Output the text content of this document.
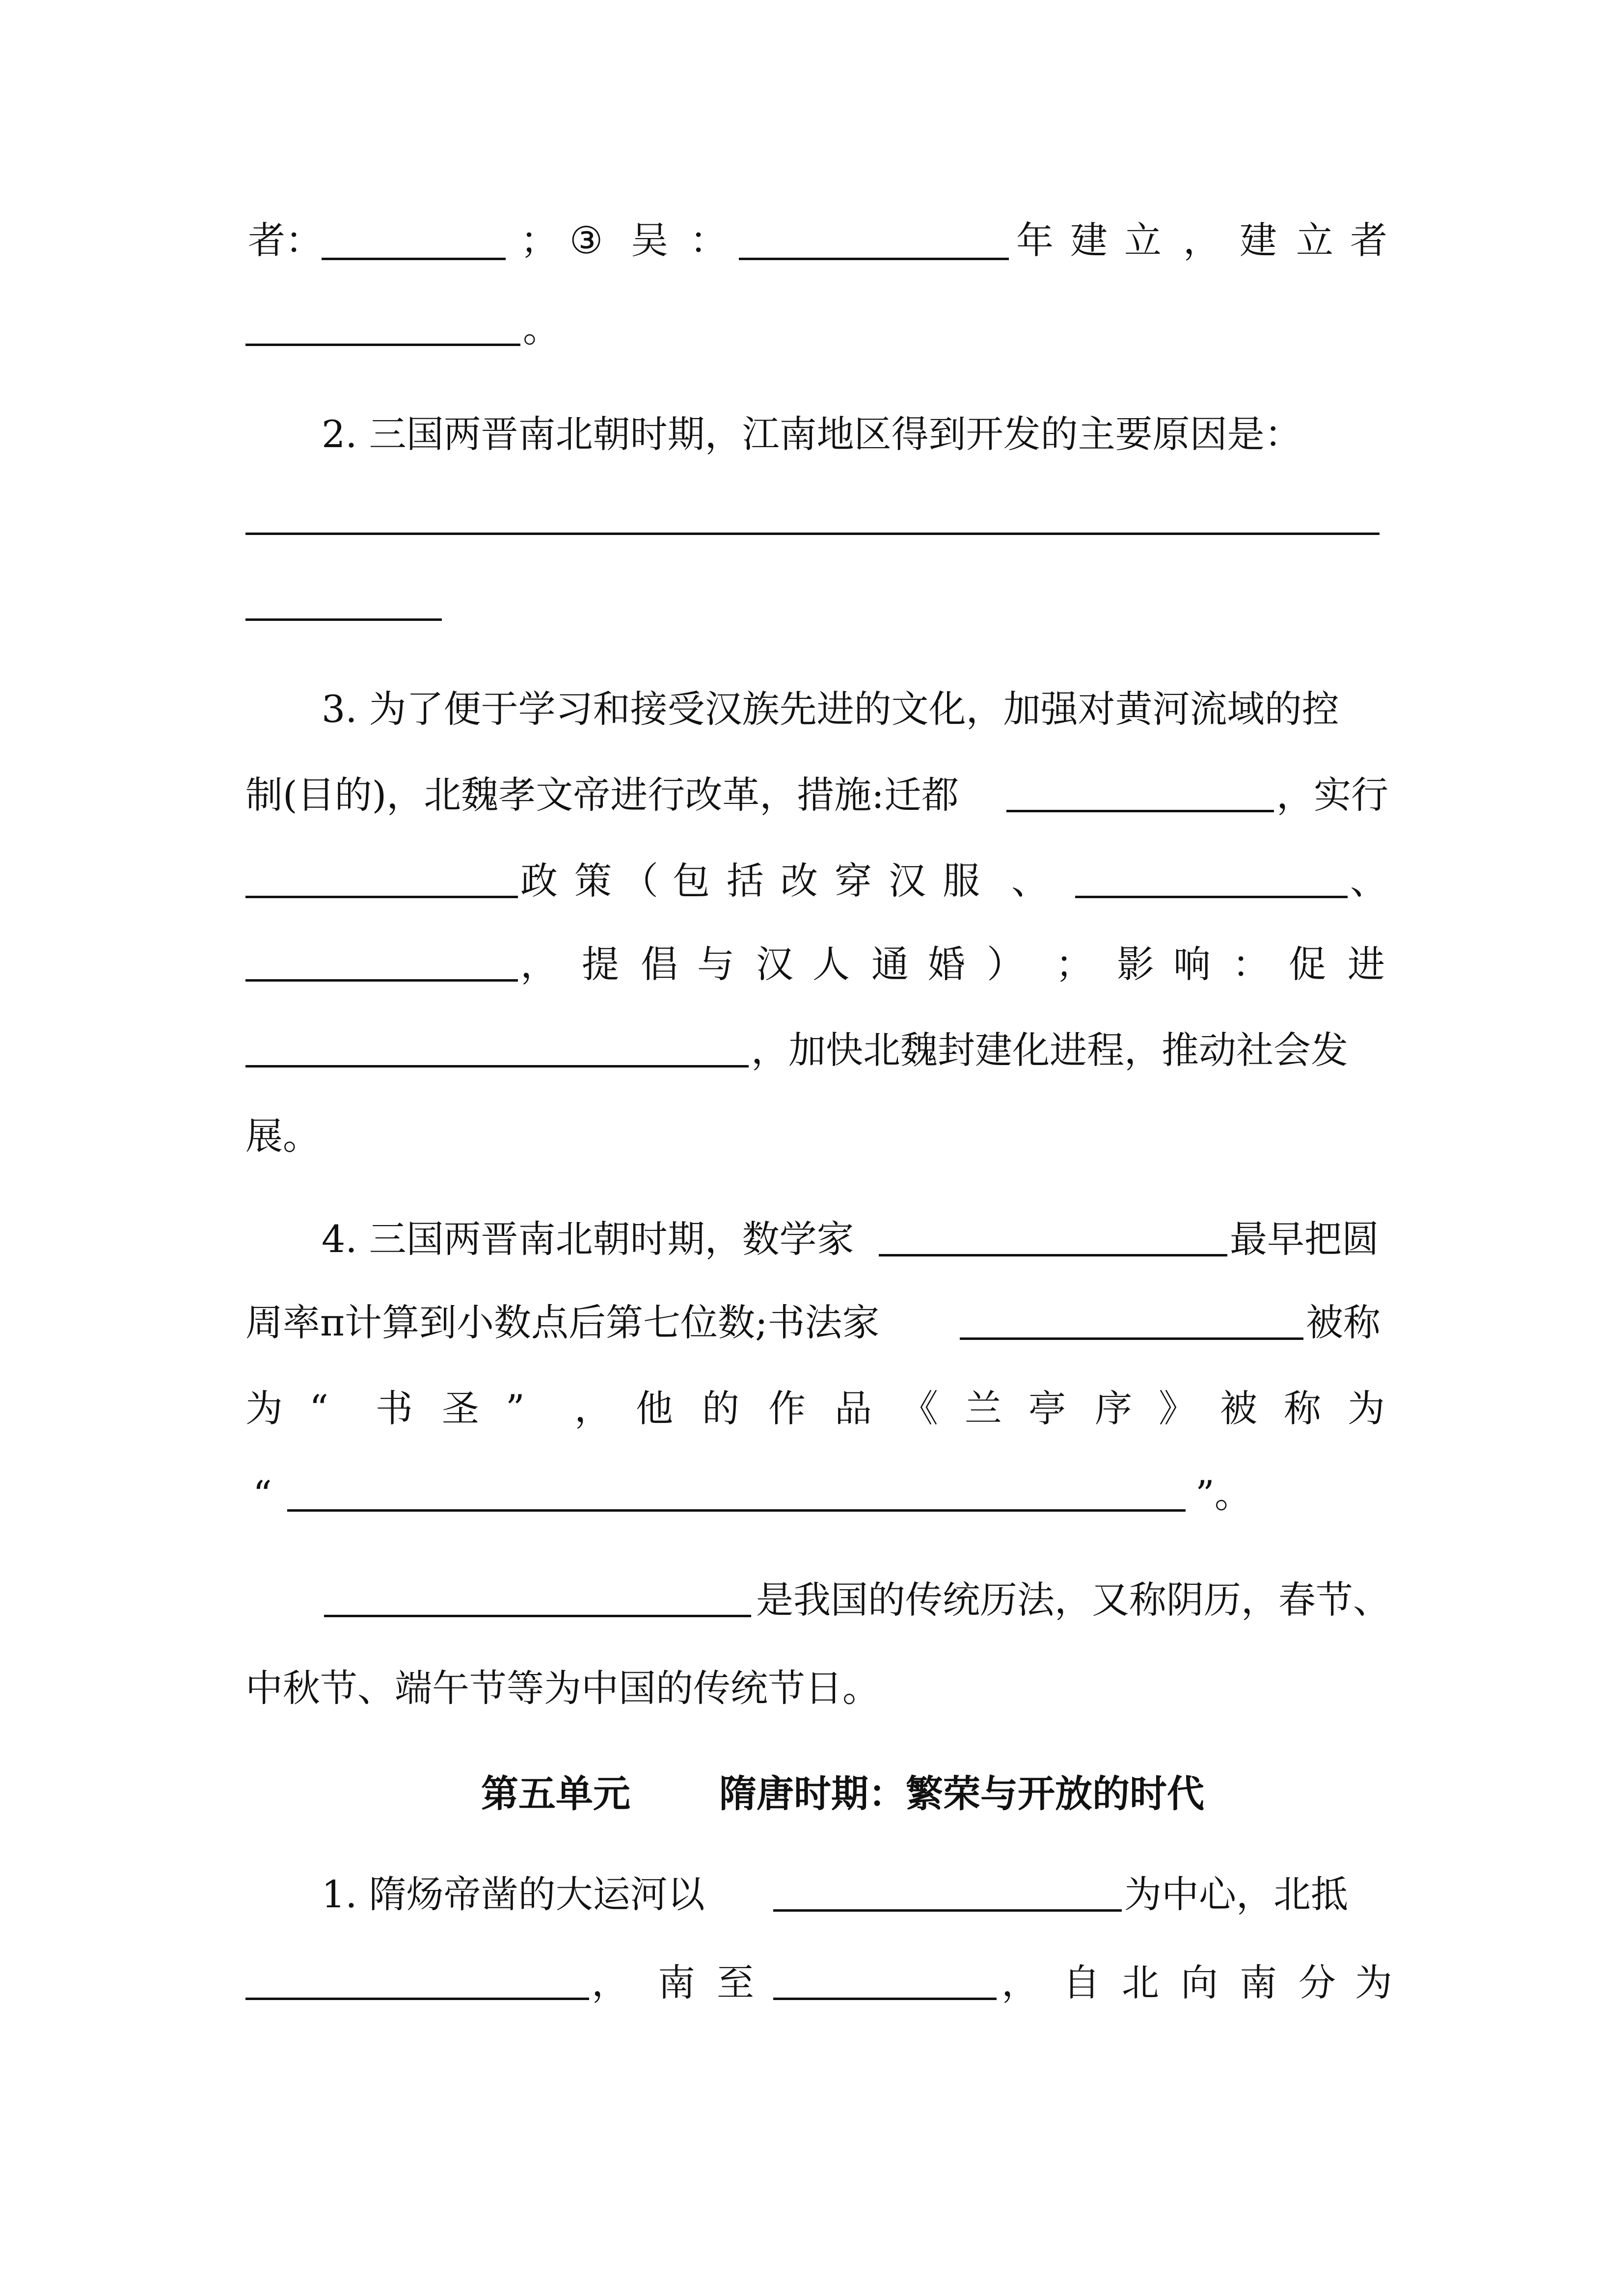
者：	； ③ 吴 ：	年 建 立 ， 建 立 者
。
2. 三国两晋南北朝时期，江南地区得到开发的主要原因是：
3. 为了便于学习和接受汉族先进的文化，加强对黄河流域的控
制(目的)，北魏孝文帝进行改革，措施:迁都	，实行
政 策 （ 包 括 改 穿 汉 服 、	、
， 提 倡 与 汉 人 通 婚 ） ； 影 响 ： 促 进
，加快北魏封建化进程，推动社会发
展。
4. 三国两晋南北朝时期，数学家	最早把圆
周率π计算到小数点后第七位数;书法家	被称
为 “ 书 圣 ” ， 他 的 作 品 《 兰 亭 序 》 被 称 为
“	”。
是我国的传统历法，又称阴历，春节、
中秋节、端午节等为中国的传统节日。
第五单元 隋唐时期：繁荣与开放的时代
1. 隋炀帝凿的大运河以	为中心，北抵
， 南 至	， 自 北 向 南 分 为
